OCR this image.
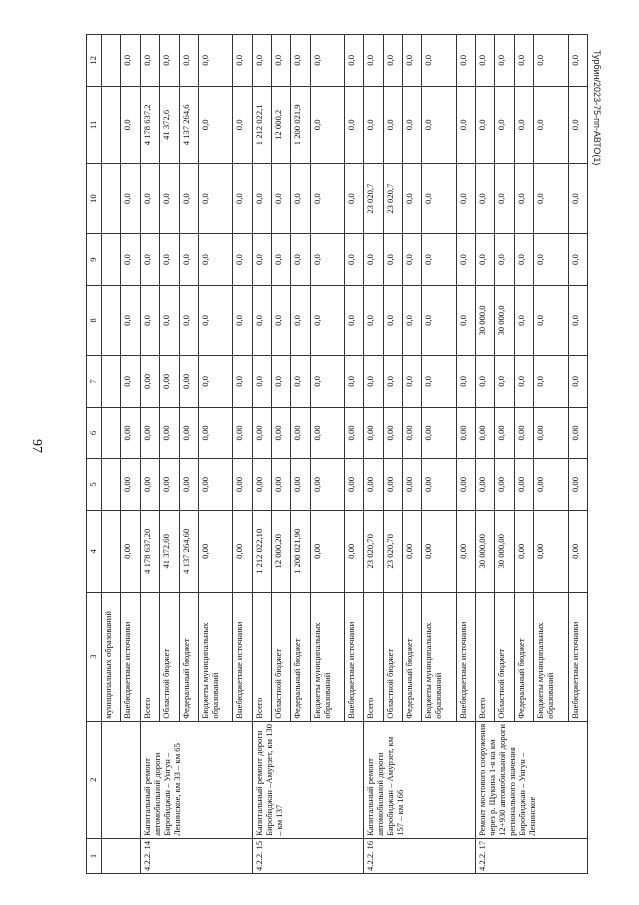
97
Турбин/2023-75-пп-АВТО(1)
1	2	3	4	5	6	7	8	9	10	11	12
		муниципальных образований									
		Внебюджетные источники	0,00	0,00	0,00	0,0	0,0	0,0	0,0	0,0	0,0
4.2.2. 14	Капитальный ремонт автомобильной дороги Биробиджан – Унгун –Ленинское, км 33 – км 65	Всего	4 178 637,20	0,00	0,00	0,00	0,0	0,0	0,0	4 178 637,2	0,0
		Областной бюджет	41 372,60	0,00	0,00	0,00	0,0	0,0	0,0	41 372,6	0,0
		Федеральный бюджет	4 137 264,60	0,00	0,00	0,00	0,0	0,0	0,0	4 137 264,6	0,0
		Бюджеты муниципальных образований	0,00	0,00	0,00	0,0	0,0	0,0	0,0	0,0	0,0
		Внебюджетные источники	0,00	0,00	0,00	0,0	0,0	0,0	0,0	0,0	0,0
4.2.2. 15	Капитальный ремонт дороги Биробиджан –Амурзет, км 130 – км 137	Всего	1 212 022,10	0,00	0,00	0,0	0,0	0,0	0,0	1 212 022,1	0,0
		Областной бюджет	12 000,20	0,00	0,00	0,0	0,0	0,0	0,0	12 000,2	0,0
		Федеральный бюджет	1 200 021,90	0,00	0,00	0,0	0,0	0,0	0,0	1 200 021,9	0,0
		Бюджеты муниципальных образований	0,00	0,00	0,00	0,0	0,0	0,0	0,0	0,0	0,0
		Внебюджетные источники	0,00	0,00	0,00	0,0	0,0	0,0	0,0	0,0	0,0
4.2.2. 16	Капитальный ремонт автомобильной дороги Биробиджан – Амурзет, км 157 – км 166	Всего	23 020,70	0,00	0,00	0,0	0,0	0,0	23 020,7	0,0	0,0
		Областной бюджет	23 020,70	0,00	0,00	0,0	0,0	0,0	23 020,7	0,0	0,0
		Федеральный бюджет	0,00	0,00	0,00	0,0	0,0	0,0	0,0	0,0	0,0
		Бюджеты муниципальных образований	0,00	0,00	0,00	0,0	0,0	0,0	0,0	0,0	0,0
		Внебюджетные источники	0,00	0,00	0,00	0,0	0,0	0,0	0,0	0,0	0,0
4.2.2. 17	Ремонт мостового сооружения через р. Щукина 1-я на км 12+930 автомобильной дороги регионального значения Биробиджан – Унгун – Ленинское	Всего	30 000,00	0,00	0,00	0,0	30 000,0	0,0	0,0	0,0	0,0
		Областной бюджет	30 000,00	0,00	0,00	0,0	30 000,0	0,0	0,0	0,0	0,0
		Федеральный бюджет	0,00	0,00	0,00	0,0	0,0	0,0	0,0	0,0	0,0
		Бюджеты муниципальных образований	0,00	0,00	0,00	0,0	0,0	0,0	0,0	0,0	0,0
		Внебюджетные источники	0,00	0,00	0,00	0,0	0,0	0,0	0,0	0,0	0,0
